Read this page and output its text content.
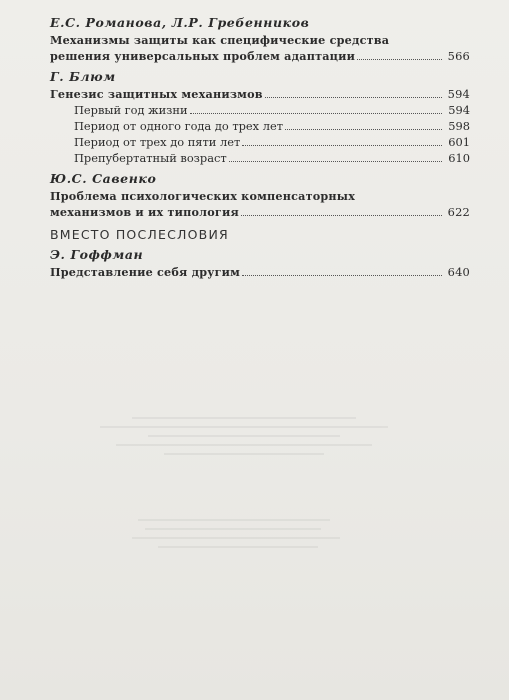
Е.С. Романова, Л.Р. Гребенников

Механизмы защиты как специфические средства
решения универсальных проблем адаптации	566

Г. Блюм

Генезис защитных механизмов	594
Первый год жизни	594
Период от одного года до трех лет	598
Период от трех до пяти лет	601
Препубертатный возраст	610

Ю.С. Савенко

Проблема психологических компенсаторных
механизмов и их типология	622
ВМЕСТО ПОСЛЕСЛОВИЯ

Э. Гоффман

Представление себя другим	640
